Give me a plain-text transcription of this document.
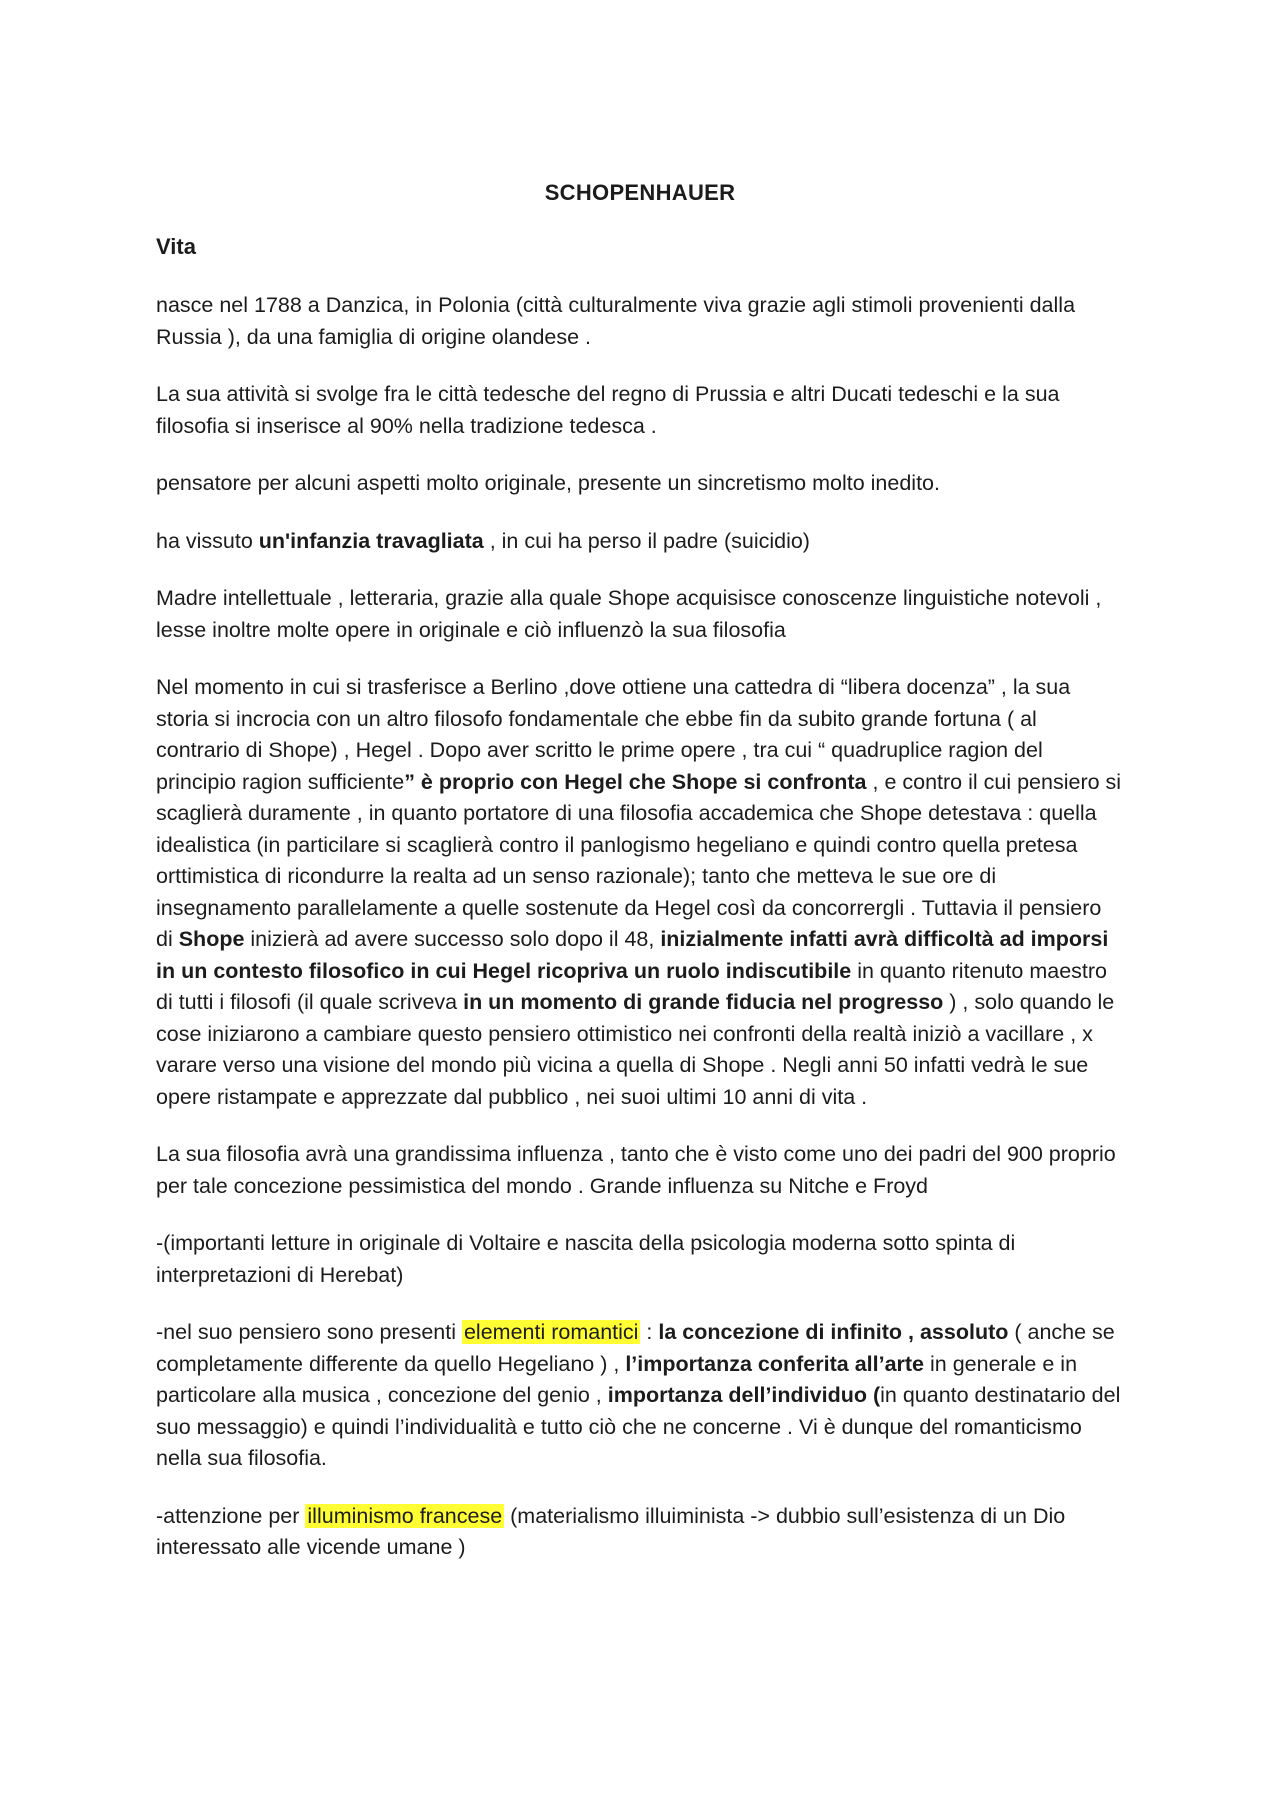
SCHOPENHAUER
Vita

nasce nel 1788 a Danzica, in Polonia (città culturalmente viva grazie agli stimoli provenienti dalla Russia ), da una famiglia di origine olandese .

La sua attività si svolge fra le città tedesche del regno di Prussia e altri Ducati tedeschi e la sua filosofia si inserisce al 90% nella tradizione tedesca .

pensatore per alcuni aspetti molto originale, presente un sincretismo molto inedito.

ha vissuto un'infanzia travagliata , in cui ha perso il padre (suicidio)

Madre intellettuale , letteraria, grazie alla quale Shope acquisisce conoscenze linguistiche notevoli , lesse inoltre molte opere in originale e ciò influenzò la sua filosofia

Nel momento in cui si trasferisce a Berlino ,dove ottiene una cattedra di “libera docenza” , la sua storia si incrocia con un altro filosofo fondamentale che ebbe fin da subito grande fortuna ( al contrario di Shope) , Hegel . Dopo aver scritto le prime opere , tra cui “ quadruplice ragion del principio ragion sufficiente” è proprio con Hegel che Shope si confronta , e contro il cui pensiero si scaglierà duramente , in quanto portatore di una filosofia accademica che Shope detestava : quella idealistica (in particilare si scaglierà contro il panlogismo hegeliano e quindi contro quella pretesa orttimistica di ricondurre la realta ad un senso razionale); tanto che metteva le sue ore di insegnamento parallelamente a quelle sostenute da Hegel così da concorrergli . Tuttavia il pensiero di Shope inizierà ad avere successo solo dopo il 48, inizialmente infatti avrà difficoltà ad imporsi in un contesto filosofico in cui Hegel ricopriva un ruolo indiscutibile in quanto ritenuto maestro di tutti i filosofi (il quale scriveva in un momento di grande fiducia nel progresso ) , solo quando le cose iniziarono a cambiare questo pensiero ottimistico nei confronti della realtà iniziò a vacillare , x varare verso una visione del mondo più vicina a quella di Shope . Negli anni 50 infatti vedrà le sue opere ristampate e apprezzate dal pubblico , nei suoi ultimi 10 anni di vita .

La sua filosofia avrà una grandissima influenza , tanto che è visto come uno dei padri del 900 proprio per tale concezione pessimistica del mondo . Grande influenza su Nitche e Froyd

-(importanti letture in originale di Voltaire e nascita della psicologia moderna sotto spinta di interpretazioni di Herebat)

-nel suo pensiero sono presenti elementi romantici : la concezione di infinito , assoluto ( anche se completamente differente da quello Hegeliano ) , l’importanza conferita all’arte in generale e in particolare alla musica , concezione del genio , importanza dell’individuo (in quanto destinatario del suo messaggio) e quindi l’individualità e tutto ciò che ne concerne . Vi è dunque del romanticismo nella sua filosofia.

-attenzione per illuminismo francese (materialismo illuiminista -> dubbio sull’esistenza di un Dio interessato alle vicende umane )
